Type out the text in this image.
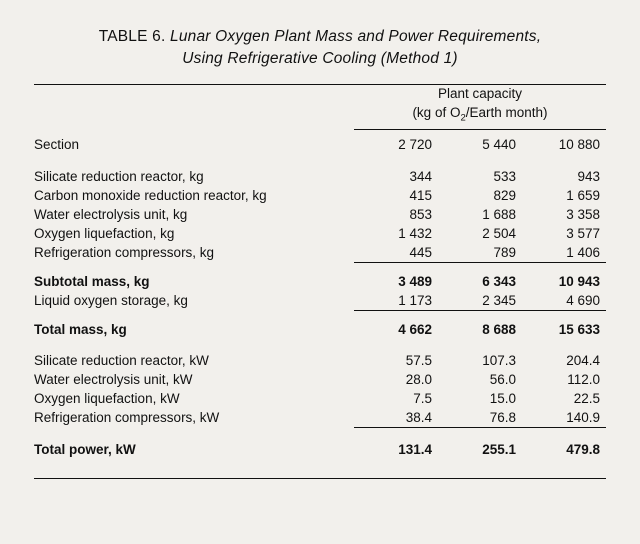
TABLE 6. Lunar Oxygen Plant Mass and Power Requirements,
Using Refrigerative Cooling (Method 1)
	Plant capacity		
	(kg of $O_2$/Earth month)		
Section	2 720	5 440	10 880
Silicate reduction reactor, kg	344	533	943
Carbon monoxide reduction reactor, kg	415	829	1 659
Water electrolysis unit, kg	853	1 688	3 358
Oxygen liquefaction, kg	1 432	2 504	3 577
Refrigeration compressors, kg	445	789	1 406
Subtotal mass, kg	3 489	6 343	10 943
Liquid oxygen storage, kg	1 173	2 345	4 690
Total mass, kg	4 662	8 688	15 633
Silicate reduction reactor, kW	57.5	107.3	204.4
Water electrolysis unit, kW	28.0	56.0	112.0
Oxygen liquefaction, kW	7.5	15.0	22.5
Refrigeration compressors, kW	38.4	76.8	140.9
Total power, kW	131.4	255.1	479.8
